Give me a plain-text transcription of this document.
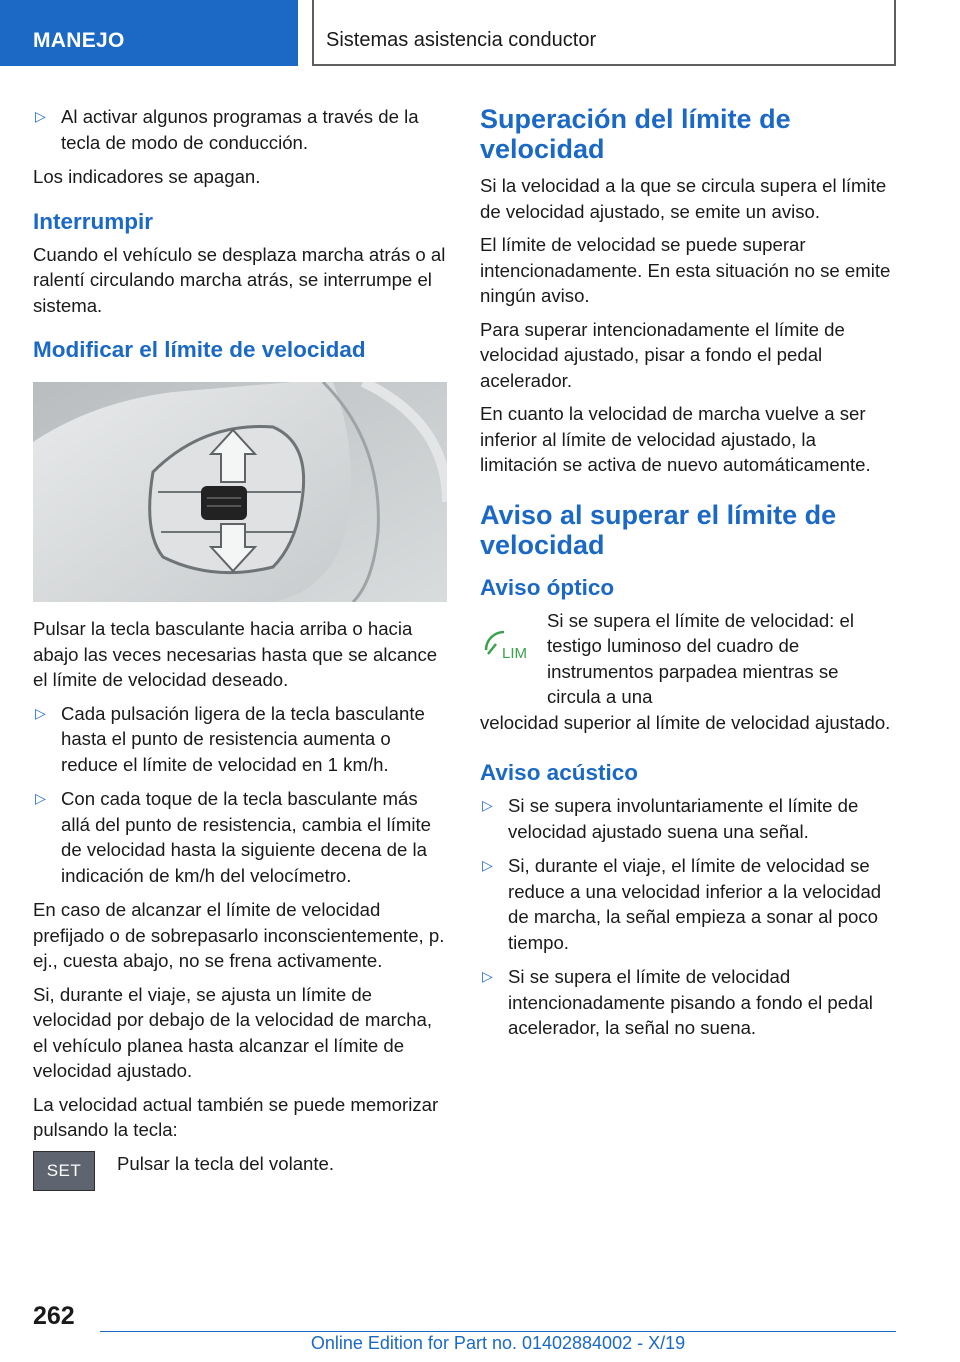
MANEJO	Sistemas asistencia conductor
▷ Al activar algunos programas a través de la tecla de modo de conducción.

Los indicadores se apagan.

Interrumpir

Cuando el vehículo se desplaza marcha atrás o al ralentí circulando marcha atrás, se interrumpe el sistema.

Modificar el límite de velocidad

Pulsar la tecla basculante hacia arriba o hacia abajo las veces necesarias hasta que se alcance el límite de velocidad deseado.

▷ Cada pulsación ligera de la tecla basculante hasta el punto de resistencia aumenta o reduce el límite de velocidad en 1 km/h.
▷ Con cada toque de la tecla basculante más allá del punto de resistencia, cambia el límite de velocidad hasta la siguiente decena de la indicación de km/h del velocímetro.

En caso de alcanzar el límite de velocidad prefijado o de sobrepasarlo inconscientemente, p. ej., cuesta abajo, no se frena activamente.

Si, durante el viaje, se ajusta un límite de velocidad por debajo de la velocidad de marcha, el vehículo planea hasta alcanzar el límite de velocidad ajustado.

La velocidad actual también se puede memorizar pulsando la tecla:

SET	Pulsar la tecla del volante.
Superación del límite de velocidad

Si la velocidad a la que se circula supera el límite de velocidad ajustado, se emite un aviso.

El límite de velocidad se puede superar intencionadamente. En esta situación no se emite ningún aviso.

Para superar intencionadamente el límite de velocidad ajustado, pisar a fondo el pedal acelerador.

En cuanto la velocidad de marcha vuelve a ser inferior al límite de velocidad ajustado, la limitación se activa de nuevo automáticamente.

Aviso al superar el límite de velocidad
Aviso óptico
LIM
Si se supera el límite de velocidad: el testigo luminoso del cuadro de instrumentos parpadea mientras se circula a una
velocidad superior al límite de velocidad ajustado.
Aviso acústico
▷ Si se supera involuntariamente el límite de velocidad ajustado suena una señal.
▷ Si, durante el viaje, el límite de velocidad se reduce a una velocidad inferior a la velocidad de marcha, la señal empieza a sonar al poco tiempo.
▷ Si se supera el límite de velocidad intencionadamente pisando a fondo el pedal acelerador, la señal no suena.
262
Online Edition for Part no. 01402884002 - X/19
